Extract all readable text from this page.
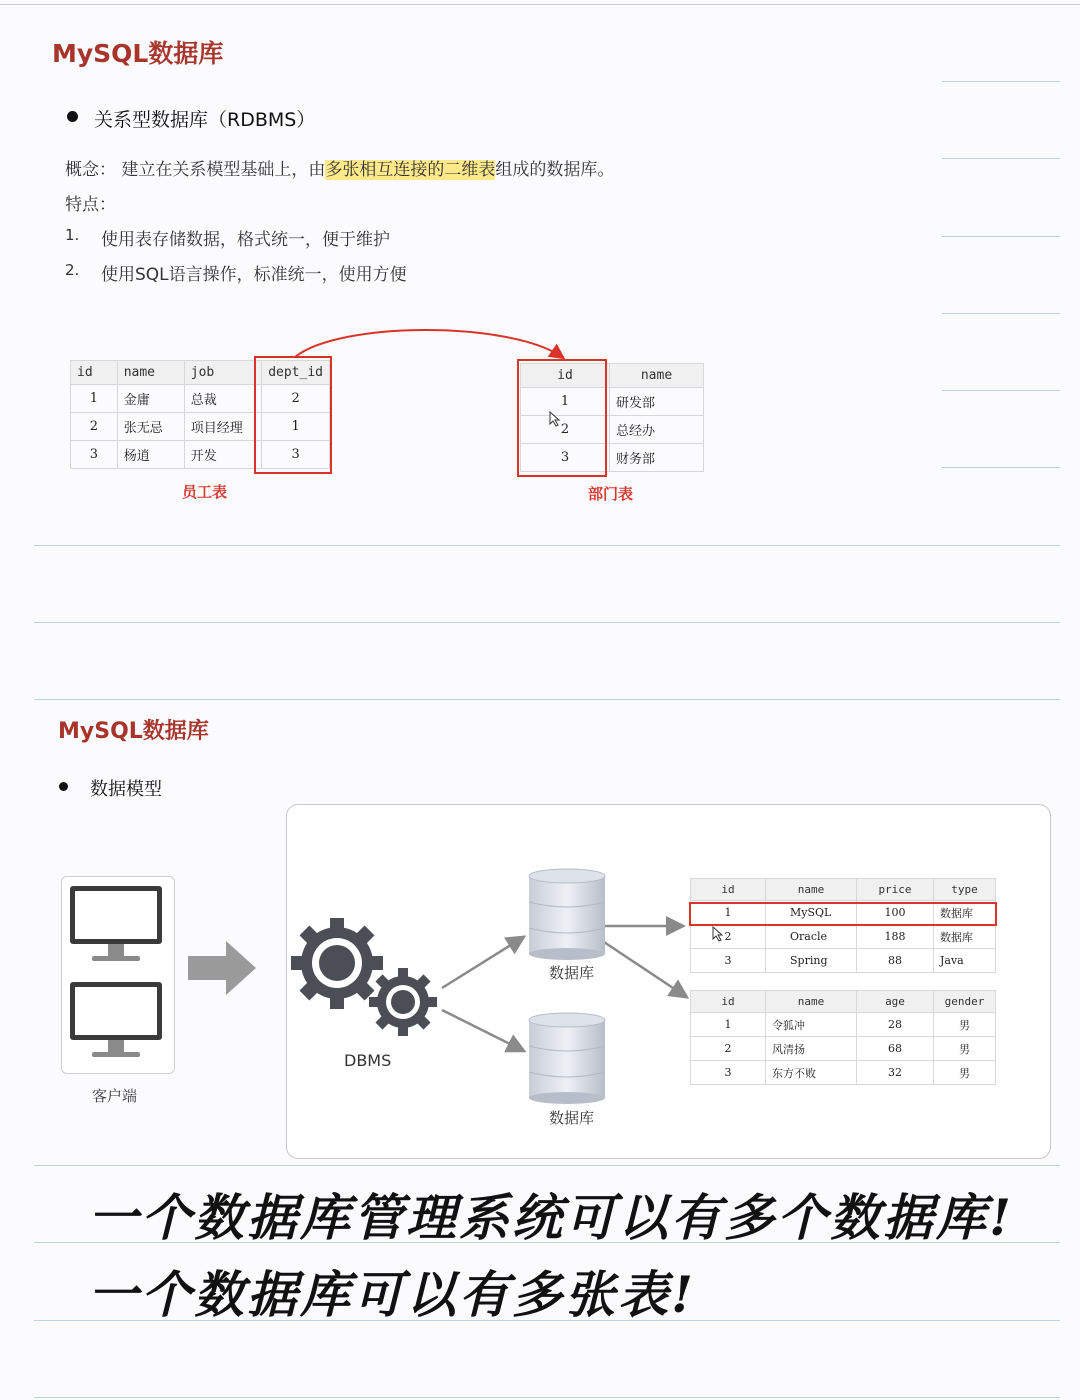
MySQL数据库
关系型数据库（RDBMS）
概念： 建立在关系模型基础上，由多张相互连接的二维表组成的数据库。
特点：
1. 使用表存储数据，格式统一，便于维护
2. 使用SQL语言操作，标准统一，使用方便
id	name	job	dept_id
1	金庸	总裁	2
2	张无忌	项目经理	1
3	杨逍	开发	3
员工表
id	name
1	研发部
2	总经办
3	财务部
部门表
MySQL数据库
数据模型
客户端
DBMS
数据库
数据库
id	name	price	type
1	MySQL	100	数据库
2	Oracle	188	数据库
3	Spring	88	Java
id	name	age	gender
1	令狐冲	28	男
2	风清扬	68	男
3	东方不败	32	男
一个数据库管理系统可以有多个数据库!
一个数据库可以有多张表!
